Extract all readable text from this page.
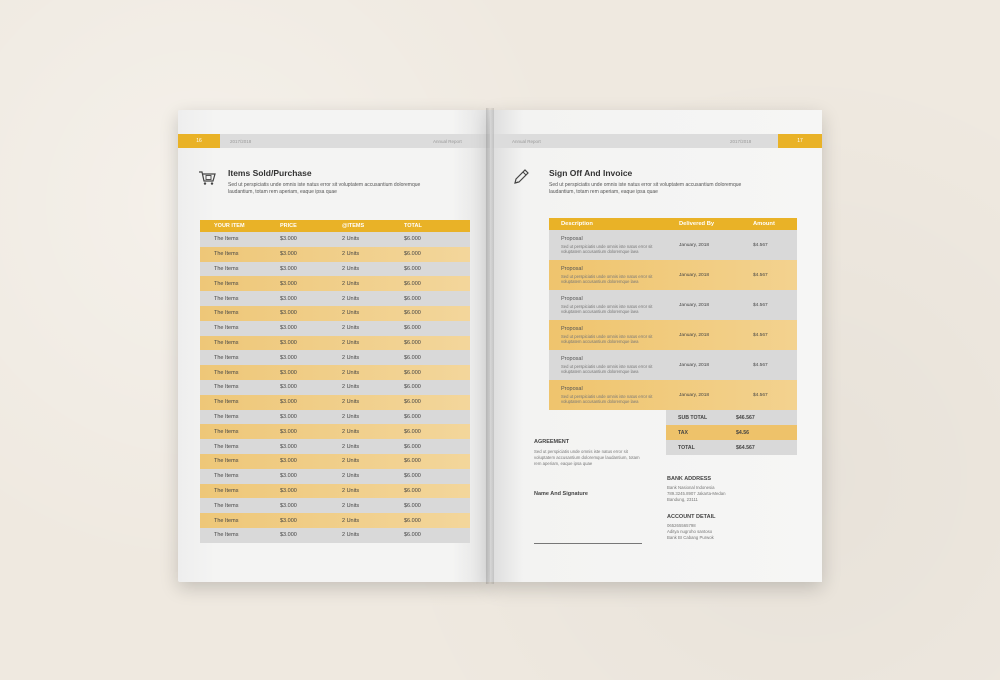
16	2017/2018	Annual Report
Items Sold/Purchase
Sed ut perspiciatis unde omnis iste natus error sit voluptatem accusantium doloremque laudantium, totam rem aperiam, eaque ipsa quae
YOUR ITEM	PRICE	@ITEMS	TOTAL
The Items	$3.000	2 Units	$6.000
The Items	$3.000	2 Units	$6.000
The Items	$3.000	2 Units	$6.000
The Items	$3.000	2 Units	$6.000
The Items	$3.000	2 Units	$6.000
The Items	$3.000	2 Units	$6.000
The Items	$3.000	2 Units	$6.000
The Items	$3.000	2 Units	$6.000
The Items	$3.000	2 Units	$6.000
The Items	$3.000	2 Units	$6.000
The Items	$3.000	2 Units	$6.000
The Items	$3.000	2 Units	$6.000
The Items	$3.000	2 Units	$6.000
The Items	$3.000	2 Units	$6.000
The Items	$3.000	2 Units	$6.000
The Items	$3.000	2 Units	$6.000
The Items	$3.000	2 Units	$6.000
The Items	$3.000	2 Units	$6.000
The Items	$3.000	2 Units	$6.000
The Items	$3.000	2 Units	$6.000
The Items	$3.000	2 Units	$6.000
Annual Report	2017/2018	17
Sign Off And Invoice
Sed ut perspiciatis unde omnis iste natus error sit voluptatem accusantium doloremque laudantium, totam rem aperiam, eaque ipsa quae
Description	Delivered By	Amount
Proposal
Sed ut perspiciatis unde omnis iste natus error sit voluptatem accusantium doloremque laea
January, 2018	$4.567
Proposal
Sed ut perspiciatis unde omnis iste natus error sit voluptatem accusantium doloremque laea
January, 2018	$4.567
Proposal
Sed ut perspiciatis unde omnis iste natus error sit voluptatem accusantium doloremque laea
January, 2018	$4.567
Proposal
Sed ut perspiciatis unde omnis iste natus error sit voluptatem accusantium doloremque laea
January, 2018	$4.567
Proposal
Sed ut perspiciatis unde omnis iste natus error sit voluptatem accusantium doloremque laea
January, 2018	$4.567
Proposal
Sed ut perspiciatis unde omnis iste natus error sit voluptatem accusantium doloremque laea
January, 2018	$4.567
SUB TOTAL	$46.567
TAX	$4.56
TOTAL	$64.567
AGREEMENT
Sed ut perspiciatis unde omnis iste natus error sit voluptatem accusantium doloremque laudantium, totam rem aperiam, eaque ipsa quae
Name And Signature
BANK ADDRESS
Bank Nasional Indonesia
789.3245.8907 Jakarta-Medan
Bandung, 23111
ACCOUNT DETAIL
065265565798
Aditya nugroho santoso
Bank BI Cabang Purwok
